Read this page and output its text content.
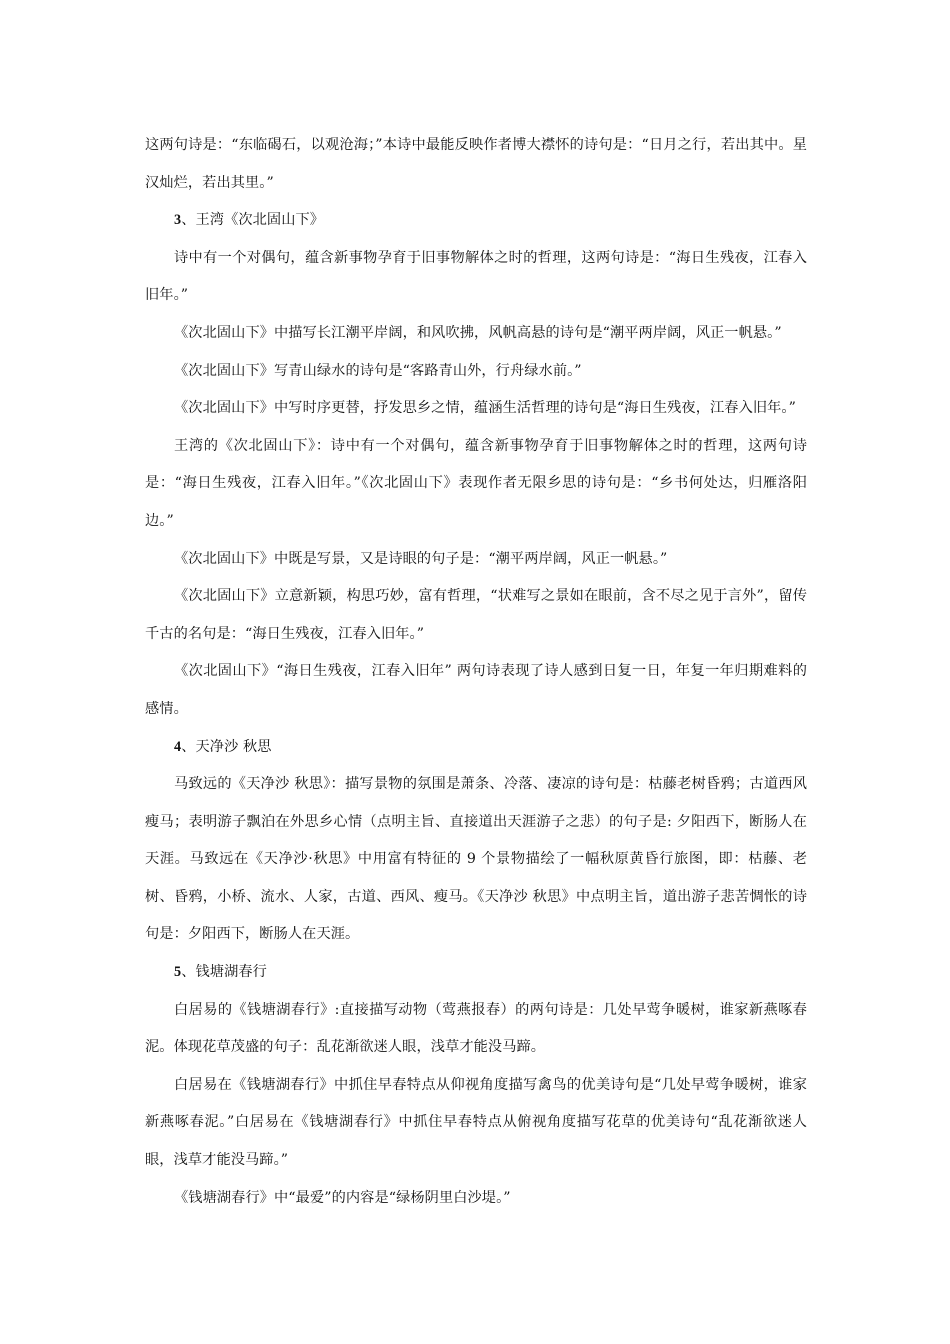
这两句诗是：“东临碣石，以观沧海；”本诗中最能反映作者博大襟怀的诗句是：“日月之行，若出其中。星汉灿烂，若出其里。”

3、王湾《次北固山下》

诗中有一个对偶句，蕴含新事物孕育于旧事物解体之时的哲理，这两句诗是：“海日生残夜，江春入旧年。”

《次北固山下》中描写长江潮平岸阔，和风吹拂，风帆高悬的诗句是“潮平两岸阔，风正一帆悬。”

《次北固山下》写青山绿水的诗句是“客路青山外，行舟绿水前。”

《次北固山下》中写时序更替，抒发思乡之情，蕴涵生活哲理的诗句是“海日生残夜，江春入旧年。”

王湾的《次北固山下》：诗中有一个对偶句，蕴含新事物孕育于旧事物解体之时的哲理，这两句诗是：“海日生残夜，江春入旧年。”《次北固山下》表现作者无限乡思的诗句是：“乡书何处达，归雁洛阳边。”

《次北固山下》中既是写景，又是诗眼的句子是：“潮平两岸阔，风正一帆悬。”

《次北固山下》立意新颖，构思巧妙，富有哲理，“状难写之景如在眼前，含不尽之见于言外”，留传千古的名句是：“海日生残夜，江春入旧年。”

《次北固山下》“海日生残夜，江春入旧年” 两句诗表现了诗人感到日复一日，年复一年归期难料的感情。

4、天净沙 秋思

马致远的《天净沙 秋思》：描写景物的氛围是萧条、冷落、凄凉的诗句是：枯藤老树昏鸦；古道西风瘦马；表明游子飘泊在外思乡心情（点明主旨、直接道出天涯游子之悲）的句子是: 夕阳西下，断肠人在天涯。马致远在《天净沙·秋思》中用富有特征的 9 个景物描绘了一幅秋原黄昏行旅图，即：枯藤、老树、昏鸦，小桥、流水、人家，古道、西风、瘦马。《天净沙 秋思》中点明主旨，道出游子悲苦惆怅的诗句是：夕阳西下，断肠人在天涯。

5、钱塘湖春行

白居易的《钱塘湖春行》:直接描写动物（莺燕报春）的两句诗是：几处早莺争暖树，谁家新燕啄春泥。体现花草茂盛的句子：乱花渐欲迷人眼，浅草才能没马蹄。

白居易在《钱塘湖春行》中抓住早春特点从仰视角度描写禽鸟的优美诗句是“几处早莺争暖树，谁家新燕啄春泥。”白居易在《钱塘湖春行》中抓住早春特点从俯视角度描写花草的优美诗句“乱花渐欲迷人眼，浅草才能没马蹄。”

《钱塘湖春行》中“最爱”的内容是“绿杨阴里白沙堤。”
